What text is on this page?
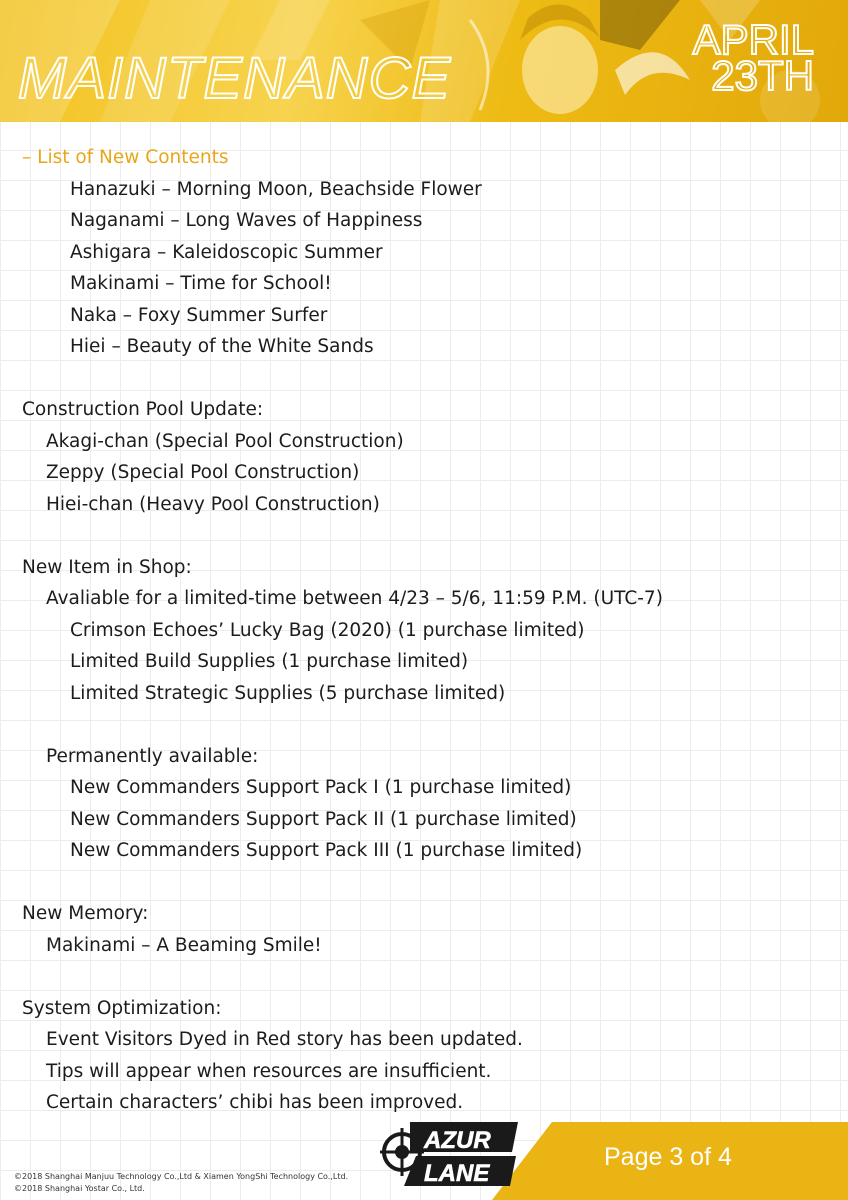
MAINTENANCE
APRIL
23TH
– List of New Contents
Hanazuki – Morning Moon, Beachside Flower
Naganami – Long Waves of Happiness
Ashigara – Kaleidoscopic Summer
Makinami – Time for School!
Naka – Foxy Summer Surfer
Hiei – Beauty of the White Sands
Construction Pool Update:
Akagi-chan (Special Pool Construction)
Zeppy (Special Pool Construction)
Hiei-chan (Heavy Pool Construction)
New Item in Shop:
Avaliable for a limited-time between 4/23 – 5/6, 11:59 P.M. (UTC-7)
Crimson Echoes’ Lucky Bag (2020) (1 purchase limited)
Limited Build Supplies (1 purchase limited)
Limited Strategic Supplies (5 purchase limited)
Permanently available:
New Commanders Support Pack I (1 purchase limited)
New Commanders Support Pack II (1 purchase limited)
New Commanders Support Pack III (1 purchase limited)
New Memory:
Makinami – A Beaming Smile!
System Optimization:
Event Visitors Dyed in Red story has been updated.
Tips will appear when resources are insufficient.
Certain characters’ chibi has been improved.
Page 3 of 4
AZUR
LANE
©2018 Shanghai Manjuu Technology Co.,Ltd & Xiamen YongShi Technology Co.,Ltd.
©2018 Shanghai Yostar Co., Ltd.
